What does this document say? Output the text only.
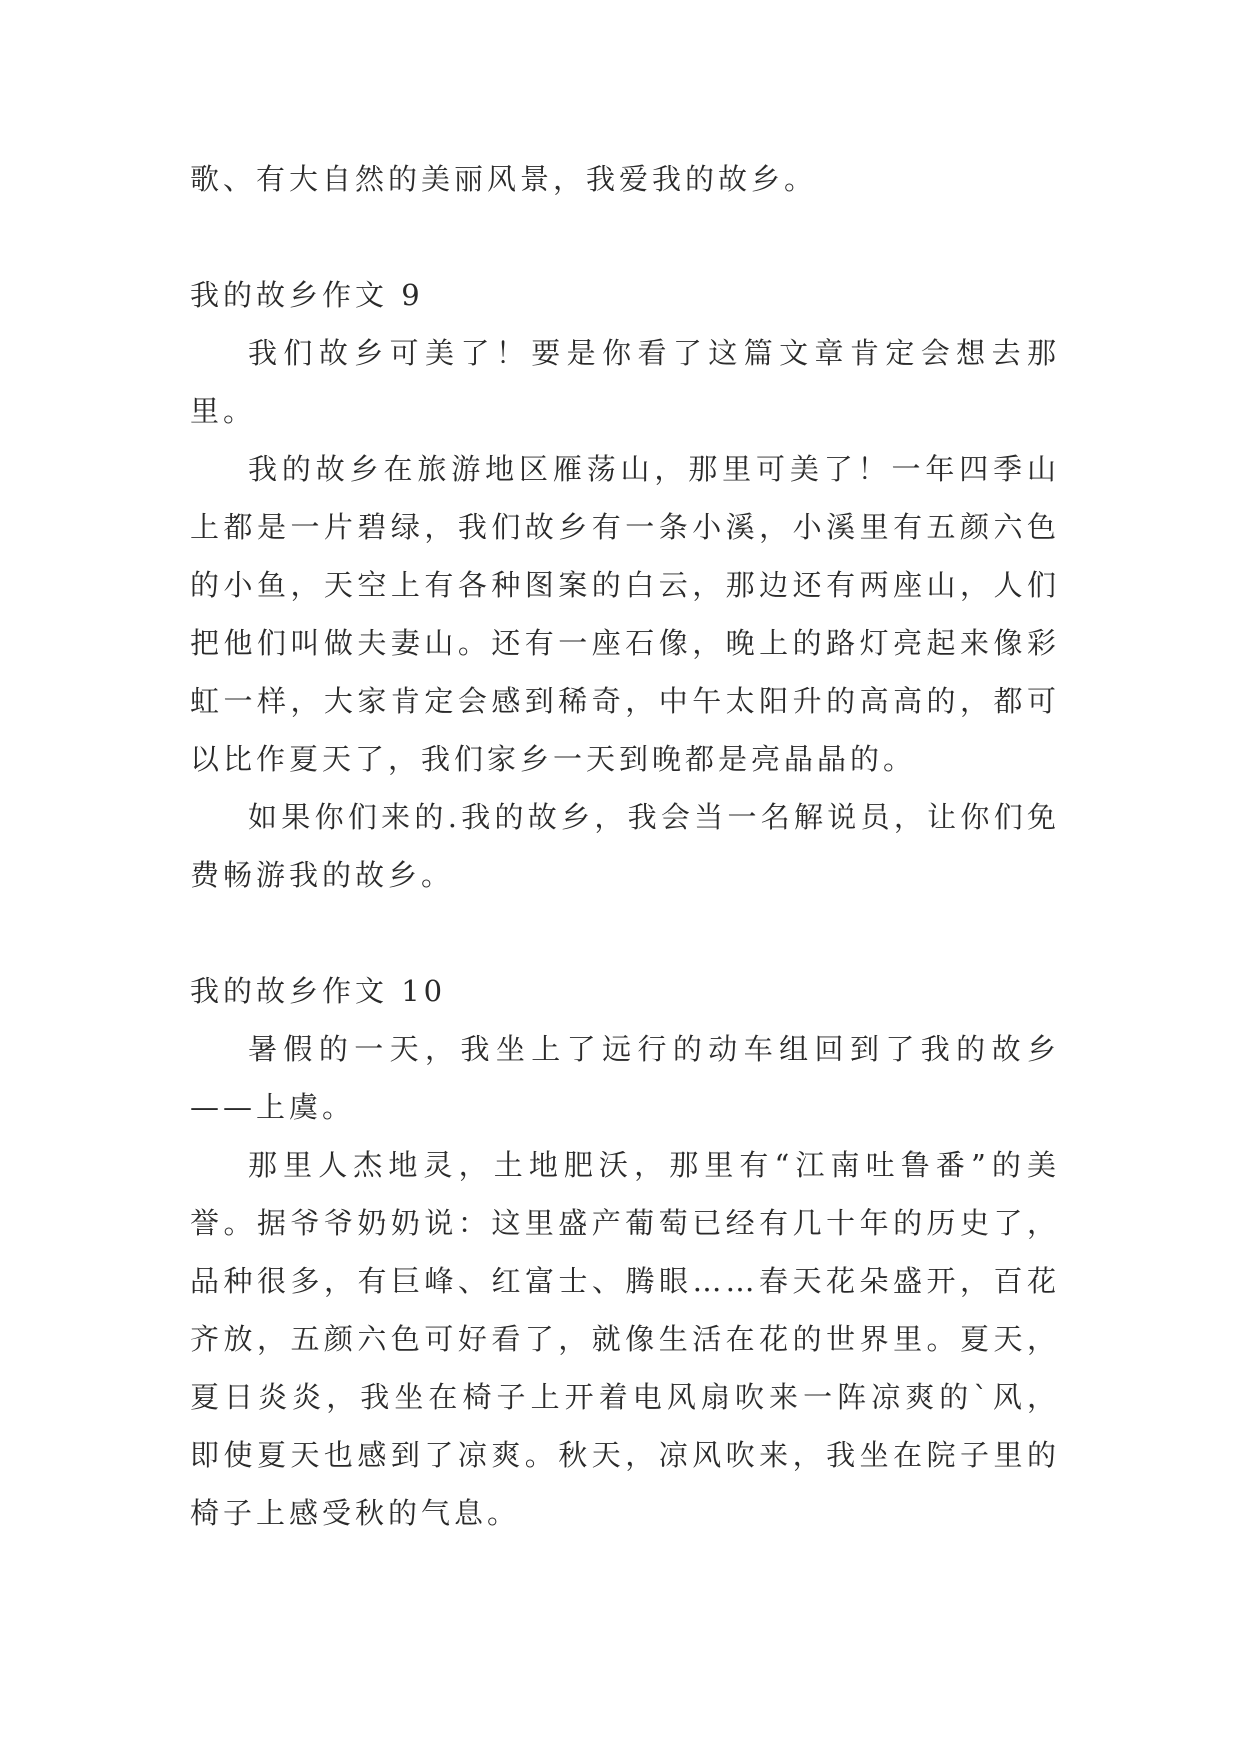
歌、有大自然的美丽风景，我爱我的故乡。

我的故乡作文 9

我们故乡可美了！要是你看了这篇文章肯定会想去那里。

我的故乡在旅游地区雁荡山，那里可美了！一年四季山上都是一片碧绿，我们故乡有一条小溪，小溪里有五颜六色的小鱼，天空上有各种图案的白云，那边还有两座山，人们把他们叫做夫妻山。还有一座石像，晚上的路灯亮起来像彩虹一样，大家肯定会感到稀奇，中午太阳升的高高的，都可以比作夏天了，我们家乡一天到晚都是亮晶晶的。

如果你们来的.我的故乡，我会当一名解说员，让你们免费畅游我的故乡。

我的故乡作文 10

暑假的一天，我坐上了远行的动车组回到了我的故乡——上虞。

那里人杰地灵，土地肥沃，那里有“江南吐鲁番”的美誉。据爷爷奶奶说：这里盛产葡萄已经有几十年的历史了，品种很多，有巨峰、红富士、腾眼……春天花朵盛开，百花齐放，五颜六色可好看了，就像生活在花的世界里。夏天，夏日炎炎，我坐在椅子上开着电风扇吹来一阵凉爽的`风，即使夏天也感到了凉爽。秋天，凉风吹来，我坐在院子里的椅子上感受秋的气息。
